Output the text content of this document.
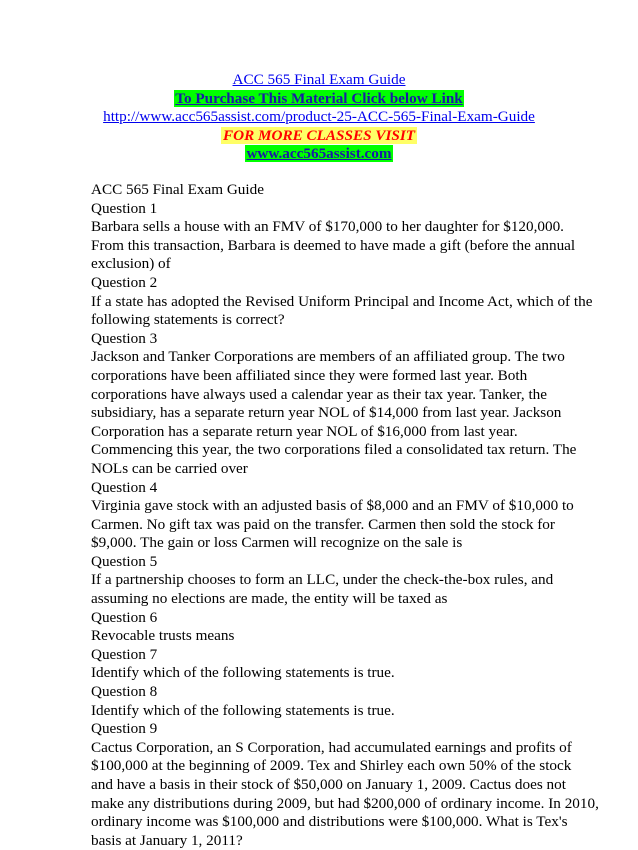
ACC 565 Final Exam Guide
To Purchase This Material Click below Link
http://www.acc565assist.com/product-25-ACC-565-Final-Exam-Guide
FOR MORE CLASSES VISIT
www.acc565assist.com
ACC 565 Final Exam Guide
Question 1
Barbara sells a house with an FMV of $170,000 to her daughter for $120,000.
From this transaction, Barbara is deemed to have made a gift (before the annual
exclusion) of
Question 2
If a state has adopted the Revised Uniform Principal and Income Act, which of the
following statements is correct?
Question 3
Jackson and Tanker Corporations are members of an affiliated group. The two
corporations have been affiliated since they were formed last year. Both
corporations have always used a calendar year as their tax year. Tanker, the
subsidiary, has a separate return year NOL of $14,000 from last year. Jackson
Corporation has a separate return year NOL of $16,000 from last year.
Commencing this year, the two corporations filed a consolidated tax return. The
NOLs can be carried over
Question 4
Virginia gave stock with an adjusted basis of $8,000 and an FMV of $10,000 to
Carmen. No gift tax was paid on the transfer. Carmen then sold the stock for
$9,000. The gain or loss Carmen will recognize on the sale is
Question 5
If a partnership chooses to form an LLC, under the check-the-box rules, and
assuming no elections are made, the entity will be taxed as
Question 6
Revocable trusts means
Question 7
Identify which of the following statements is true.
Question 8
Identify which of the following statements is true.
Question 9
Cactus Corporation, an S Corporation, had accumulated earnings and profits of
$100,000 at the beginning of 2009. Tex and Shirley each own 50% of the stock
and have a basis in their stock of $50,000 on January 1, 2009. Cactus does not
make any distributions during 2009, but had $200,000 of ordinary income. In 2010,
ordinary income was $100,000 and distributions were $100,000. What is Tex's
basis at January 1, 2011?
